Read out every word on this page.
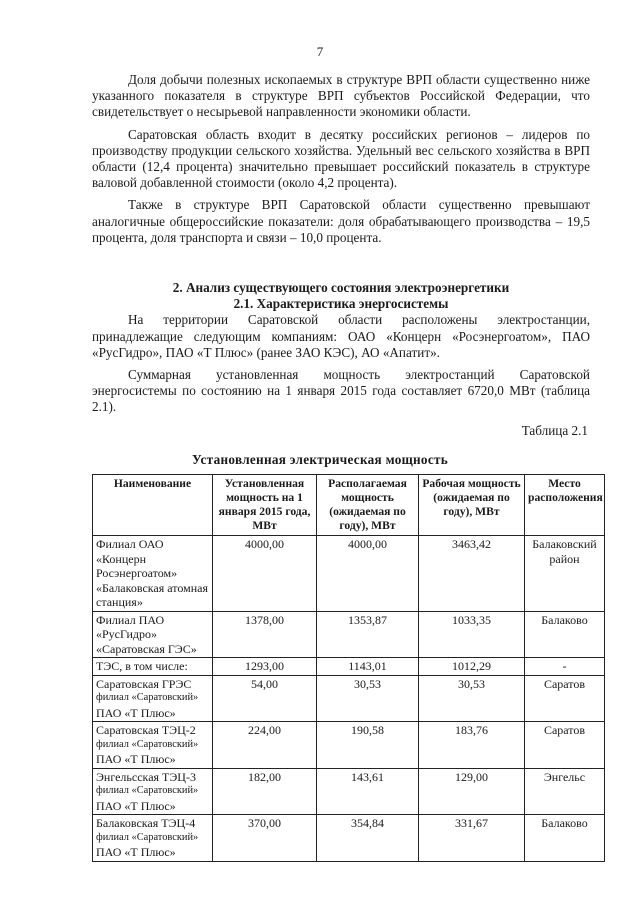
7

Доля добычи полезных ископаемых в структуре ВРП области существенно ниже указанного показателя в структуре ВРП субъектов Российской Федерации, что свидетельствует о несырьевой направленности экономики области.

Саратовская область входит в десятку российских регионов – лидеров по производству продукции сельского хозяйства. Удельный вес сельского хозяйства в ВРП области (12,4 процента) значительно превышает российский показатель в структуре валовой добавленной стоимости (около 4,2 процента).

Также в структуре ВРП Саратовской области существенно превышают аналогичные общероссийские показатели: доля обрабатывающего производства – 19,5 процента, доля транспорта и связи – 10,0 процента.

2. Анализ существующего состояния электроэнергетики
2.1. Характеристика энергосистемы

На территории Саратовской области расположены электростанции, принадлежащие следующим компаниям: ОАО «Концерн «Росэнергоатом», ПАО «РусГидро», ПАО «Т Плюс» (ранее ЗАО КЭС), АО «Апатит».

Суммарная установленная мощность электростанций Саратовской энергосистемы по состоянию на 1 января 2015 года составляет 6720,0 МВт (таблица 2.1).

Таблица 2.1
Установленная электрическая мощность
Наименование	Установленная мощность на 1 января 2015 года, МВт	Располагаемая мощность (ожидаемая по году), МВт	Рабочая мощность (ожидаемая по году), МВт	Место расположения
Филиал ОАО «Концерн Росэнергоатом» «Балаковская атомная станция»	4000,00	4000,00	3463,42	Балаковский район
Филиал ПАО «РусГидро» «Саратовская ГЭС»	1378,00	1353,87	1033,35	Балаково
ТЭС, в том числе:	1293,00	1143,01	1012,29	-

Саратовская ГРЭС
филиал «Саратовский»
ПАО «Т Плюс»	54,00	30,53	30,53	Саратов

Саратовская ТЭЦ-2
филиал «Саратовский»
ПАО «Т Плюс»	224,00	190,58	183,76	Саратов

Энгельсская ТЭЦ-3
филиал «Саратовский»
ПАО «Т Плюс»	182,00	143,61	129,00	Энгельс

Балаковская ТЭЦ-4
филиал «Саратовский»
ПАО «Т Плюс»	370,00	354,84	331,67	Балаково
